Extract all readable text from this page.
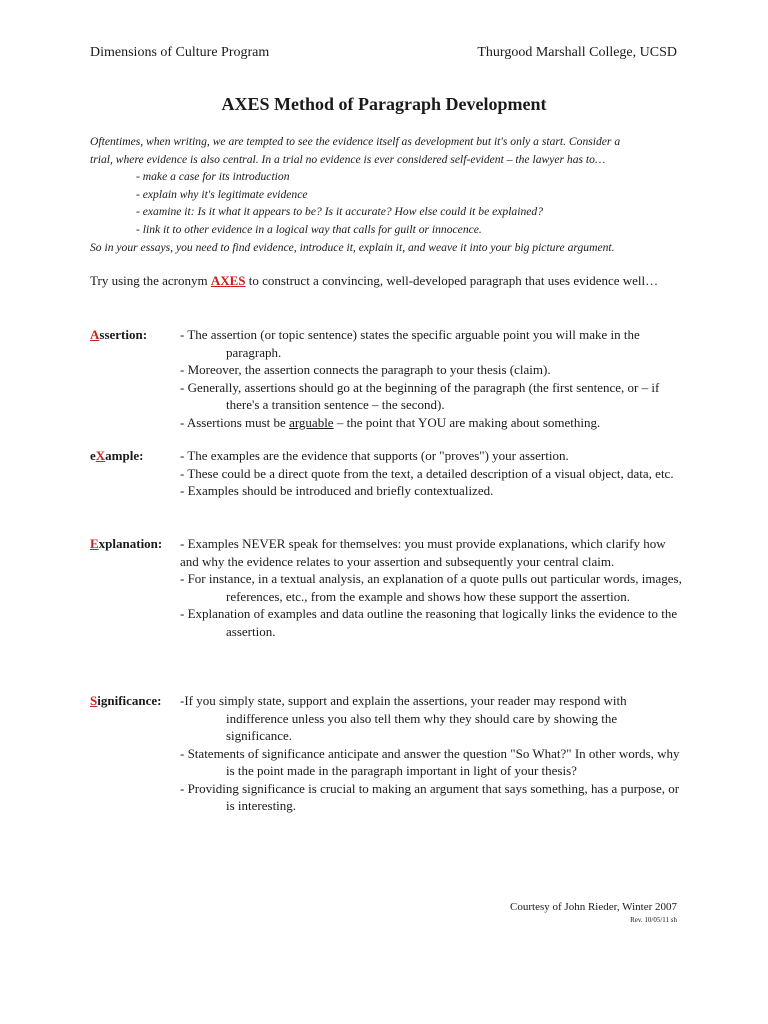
Dimensions of Culture Program	Thurgood Marshall College, UCSD
AXES Method of Paragraph Development
Oftentimes, when writing, we are tempted to see the evidence itself as development but it's only a start. Consider a
trial, where evidence is also central. In a trial no evidence is ever considered self-evident – the lawyer has to…
- make a case for its introduction
- explain why it's legitimate evidence
- examine it: Is it what it appears to be? Is it accurate? How else could it be explained?
- link it to other evidence in a logical way that calls for guilt or innocence.
So in your essays, you need to find evidence, introduce it, explain it, and weave it into your big picture argument.
Try using the acronym AXES to construct a convincing, well-developed paragraph that uses evidence well…
Assertion:	- The assertion (or topic sentence) states the specific arguable point you will make in the paragraph.
- Moreover, the assertion connects the paragraph to your thesis (claim).
- Generally, assertions should go at the beginning of the paragraph (the first sentence, or – if there's a transition sentence – the second).
- Assertions must be arguable – the point that YOU are making about something.
eXample:	- The examples are the evidence that supports (or "proves") your assertion.
- These could be a direct quote from the text, a detailed description of a visual object, data, etc.
- Examples should be introduced and briefly contextualized.
Explanation: - Examples NEVER speak for themselves: you must provide explanations, which clarify how and why the evidence relates to your assertion and subsequently your central claim.
- For instance, in a textual analysis, an explanation of a quote pulls out particular words, images, references, etc., from the example and shows how these support the assertion.
- Explanation of examples and data outline the reasoning that logically links the evidence to the assertion.
Significance: -If you simply state, support and explain the assertions, your reader may respond with indifference unless you also tell them why they should care by showing the significance.
- Statements of significance anticipate and answer the question "So What?" In other words, why is the point made in the paragraph important in light of your thesis?
- Providing significance is crucial to making an argument that says something, has a purpose, or is interesting.
Courtesy of John Rieder, Winter 2007
Rev. 10/05/11 sh
